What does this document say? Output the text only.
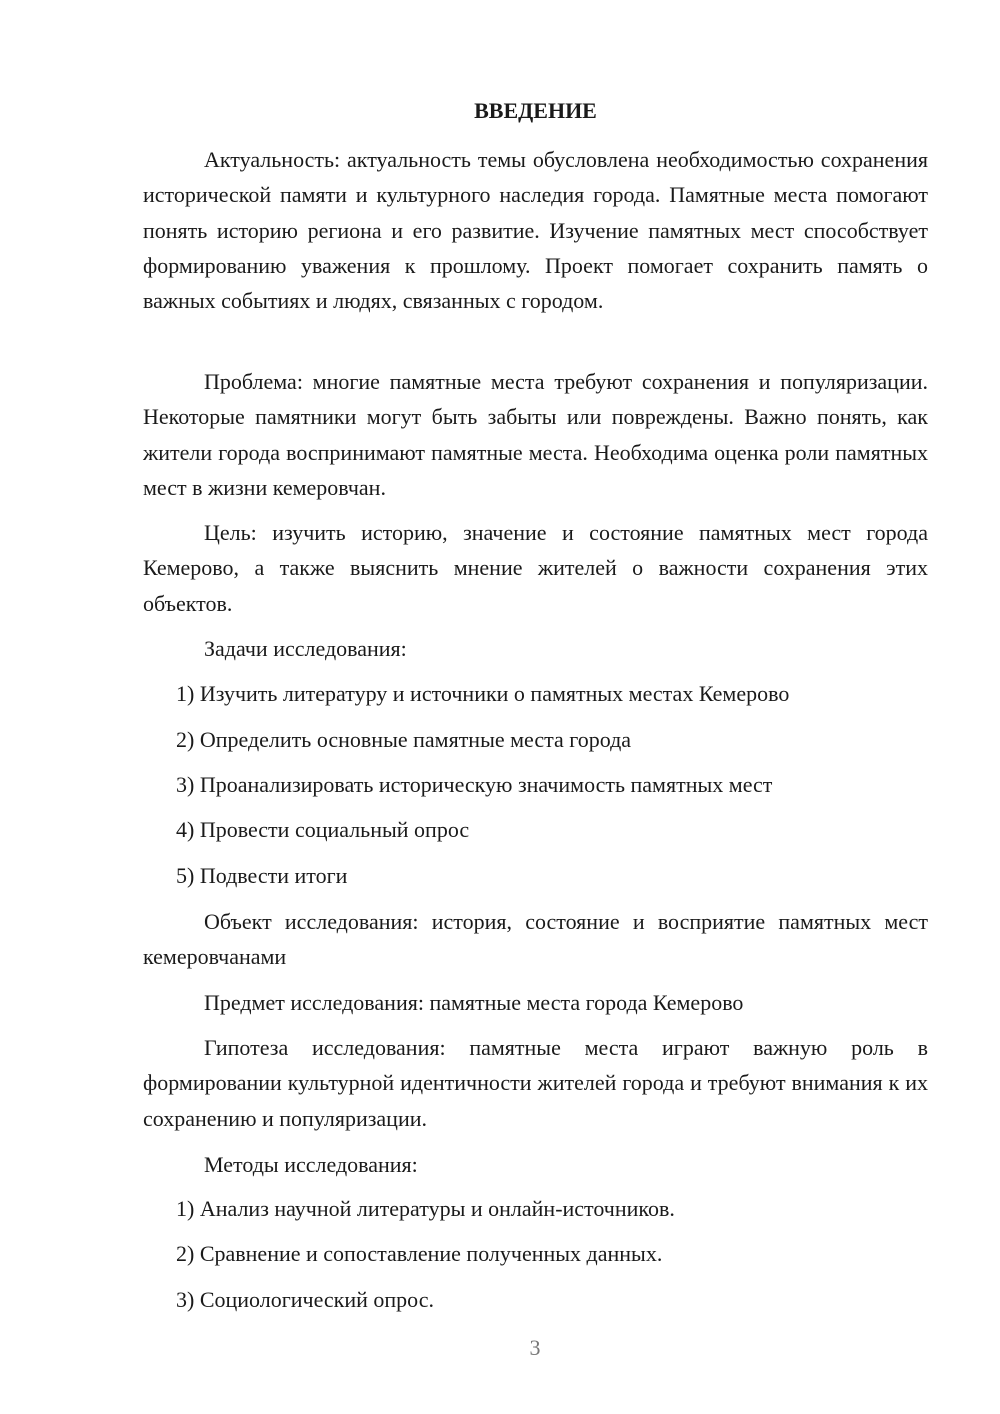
ВВЕДЕНИЕ

Актуальность: актуальность темы обусловлена необходимостью сохранения исторической памяти и культурного наследия города. Памятные места помогают понять историю региона и его развитие. Изучение памятных мест способствует формированию уважения к прошлому. Проект помогает сохранить память о важных событиях и людях, связанных с городом.

Проблема: многие памятные места требуют сохранения и популяризации. Некоторые памятники могут быть забыты или повреждены. Важно понять, как жители города воспринимают памятные места. Необходима оценка роли памятных мест в жизни кемеровчан.

Цель: изучить историю, значение и состояние памятных мест города Кемерово, а также выяснить мнение жителей о важности сохранения этих объектов.

Задачи исследования:

1) Изучить литературу и источники о памятных местах Кемерово

2) Определить основные памятные места города

3) Проанализировать историческую значимость памятных мест

4) Провести социальный опрос

5) Подвести итоги

Объект исследования: история, состояние и восприятие памятных мест кемеровчанами

Предмет исследования: памятные места города Кемерово

Гипотеза исследования: памятные места играют важную роль в формировании культурной идентичности жителей города и требуют внимания к их сохранению и популяризации.

Методы исследования:

1) Анализ научной литературы и онлайн-источников.

2) Сравнение и сопоставление полученных данных.

3) Социологический опрос.

3
